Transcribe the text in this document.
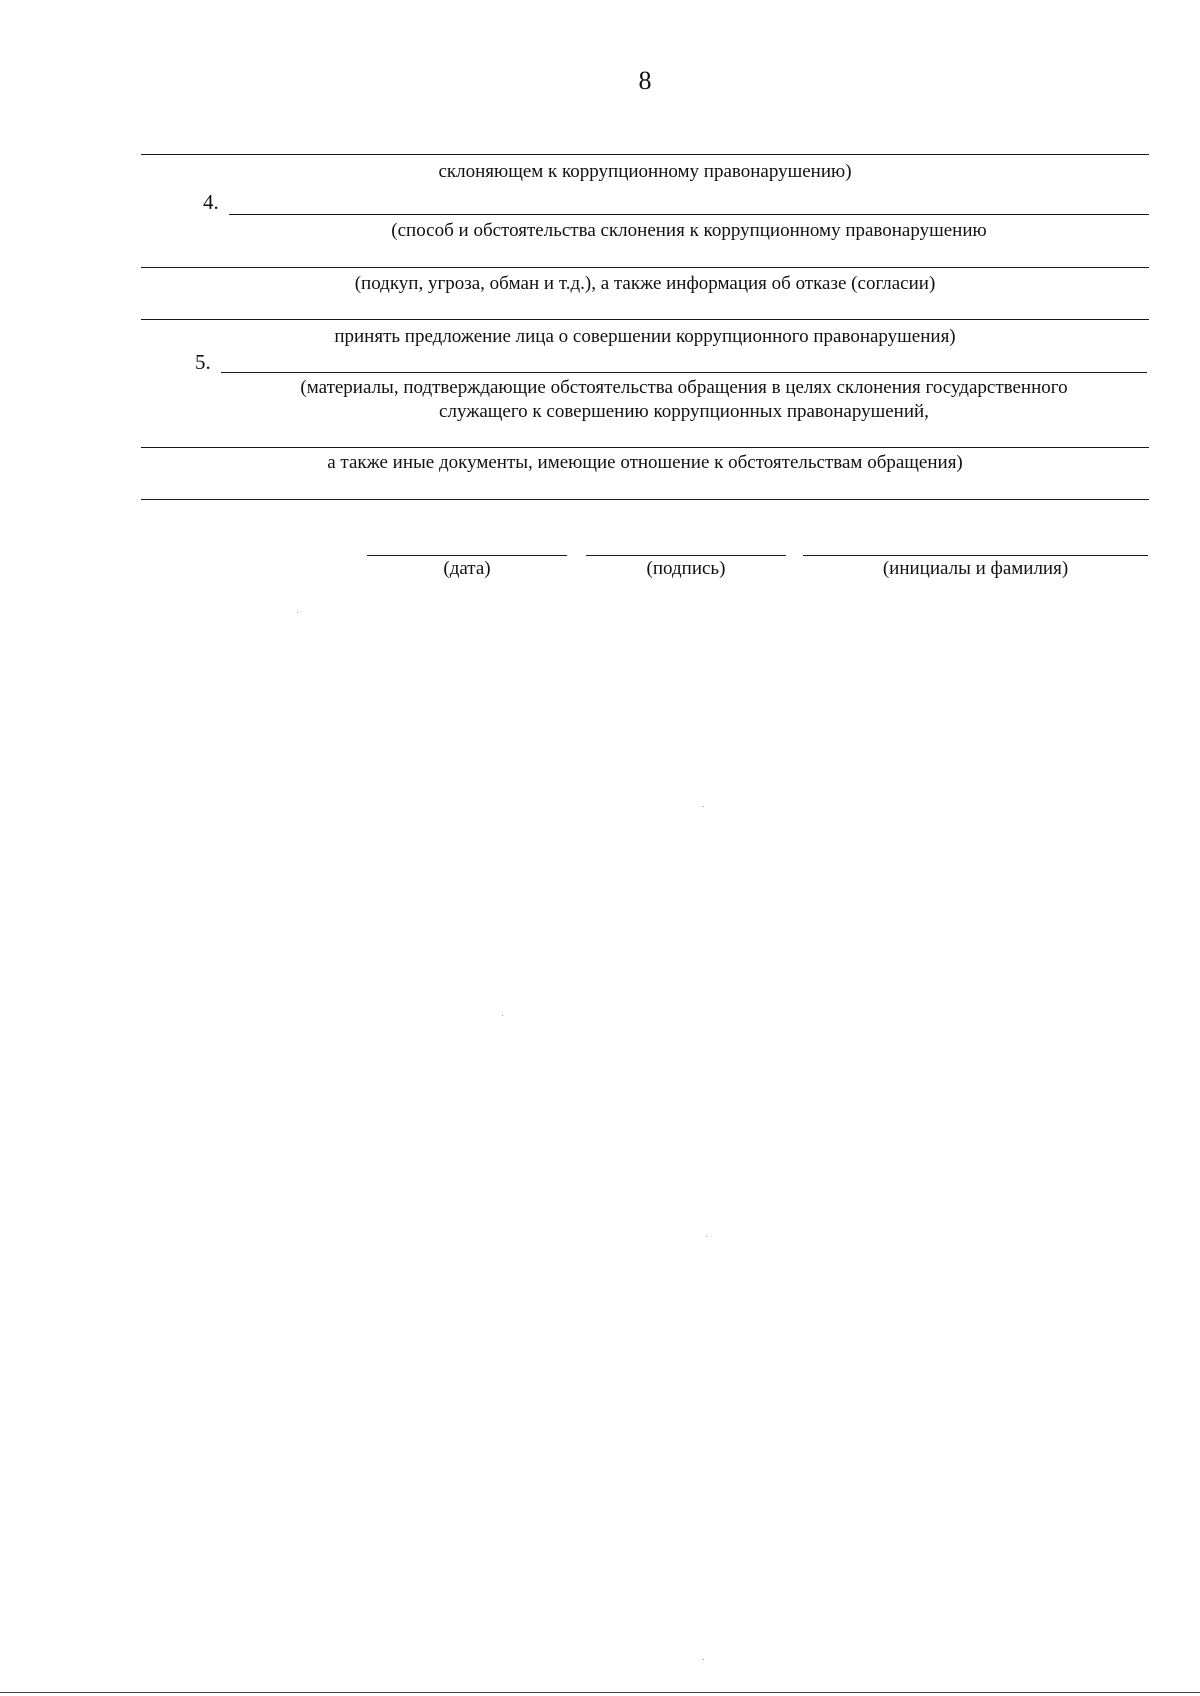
8
склоняющем к коррупционному правонарушению)
4.
(способ и обстоятельства склонения к коррупционному правонарушению
(подкуп, угроза, обман и т.д.), а также информация об отказе (согласии)
принять предложение лица о совершении коррупционного правонарушения)
5.
(материалы, подтверждающие обстоятельства обращения в целях склонения государственного
служащего к совершению коррупционных правонарушений,
а также иные документы, имеющие отношение к обстоятельствам обращения)
(дата)	(подпись)	(инициалы и фамилия)
